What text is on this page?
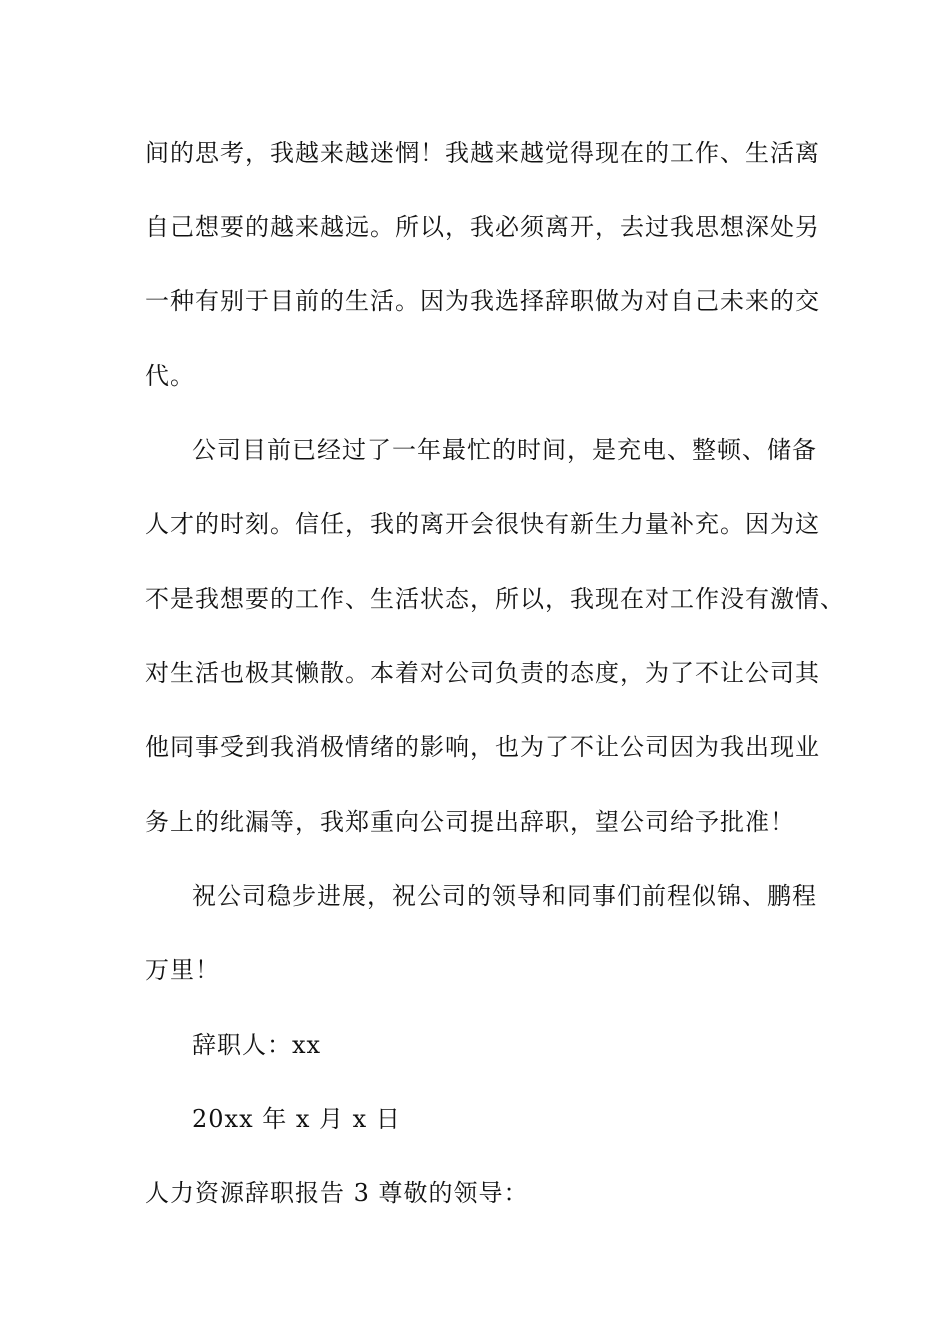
间的思考，我越来越迷惘！我越来越觉得现在的工作、生活离
自己想要的越来越远。所以，我必须离开，去过我思想深处另
一种有别于目前的生活。因为我选择辞职做为对自己未来的交
代。
公司目前已经过了一年最忙的时间，是充电、整顿、储备
人才的时刻。信任，我的离开会很快有新生力量补充。因为这
不是我想要的工作、生活状态，所以，我现在对工作没有激情、
对生活也极其懒散。本着对公司负责的态度，为了不让公司其
他同事受到我消极情绪的影响，也为了不让公司因为我出现业
务上的纰漏等，我郑重向公司提出辞职，望公司给予批准！
祝公司稳步进展，祝公司的领导和同事们前程似锦、鹏程
万里！
辞职人：xx
20xx 年 x 月 x 日
人力资源辞职报告 3 尊敬的领导：
